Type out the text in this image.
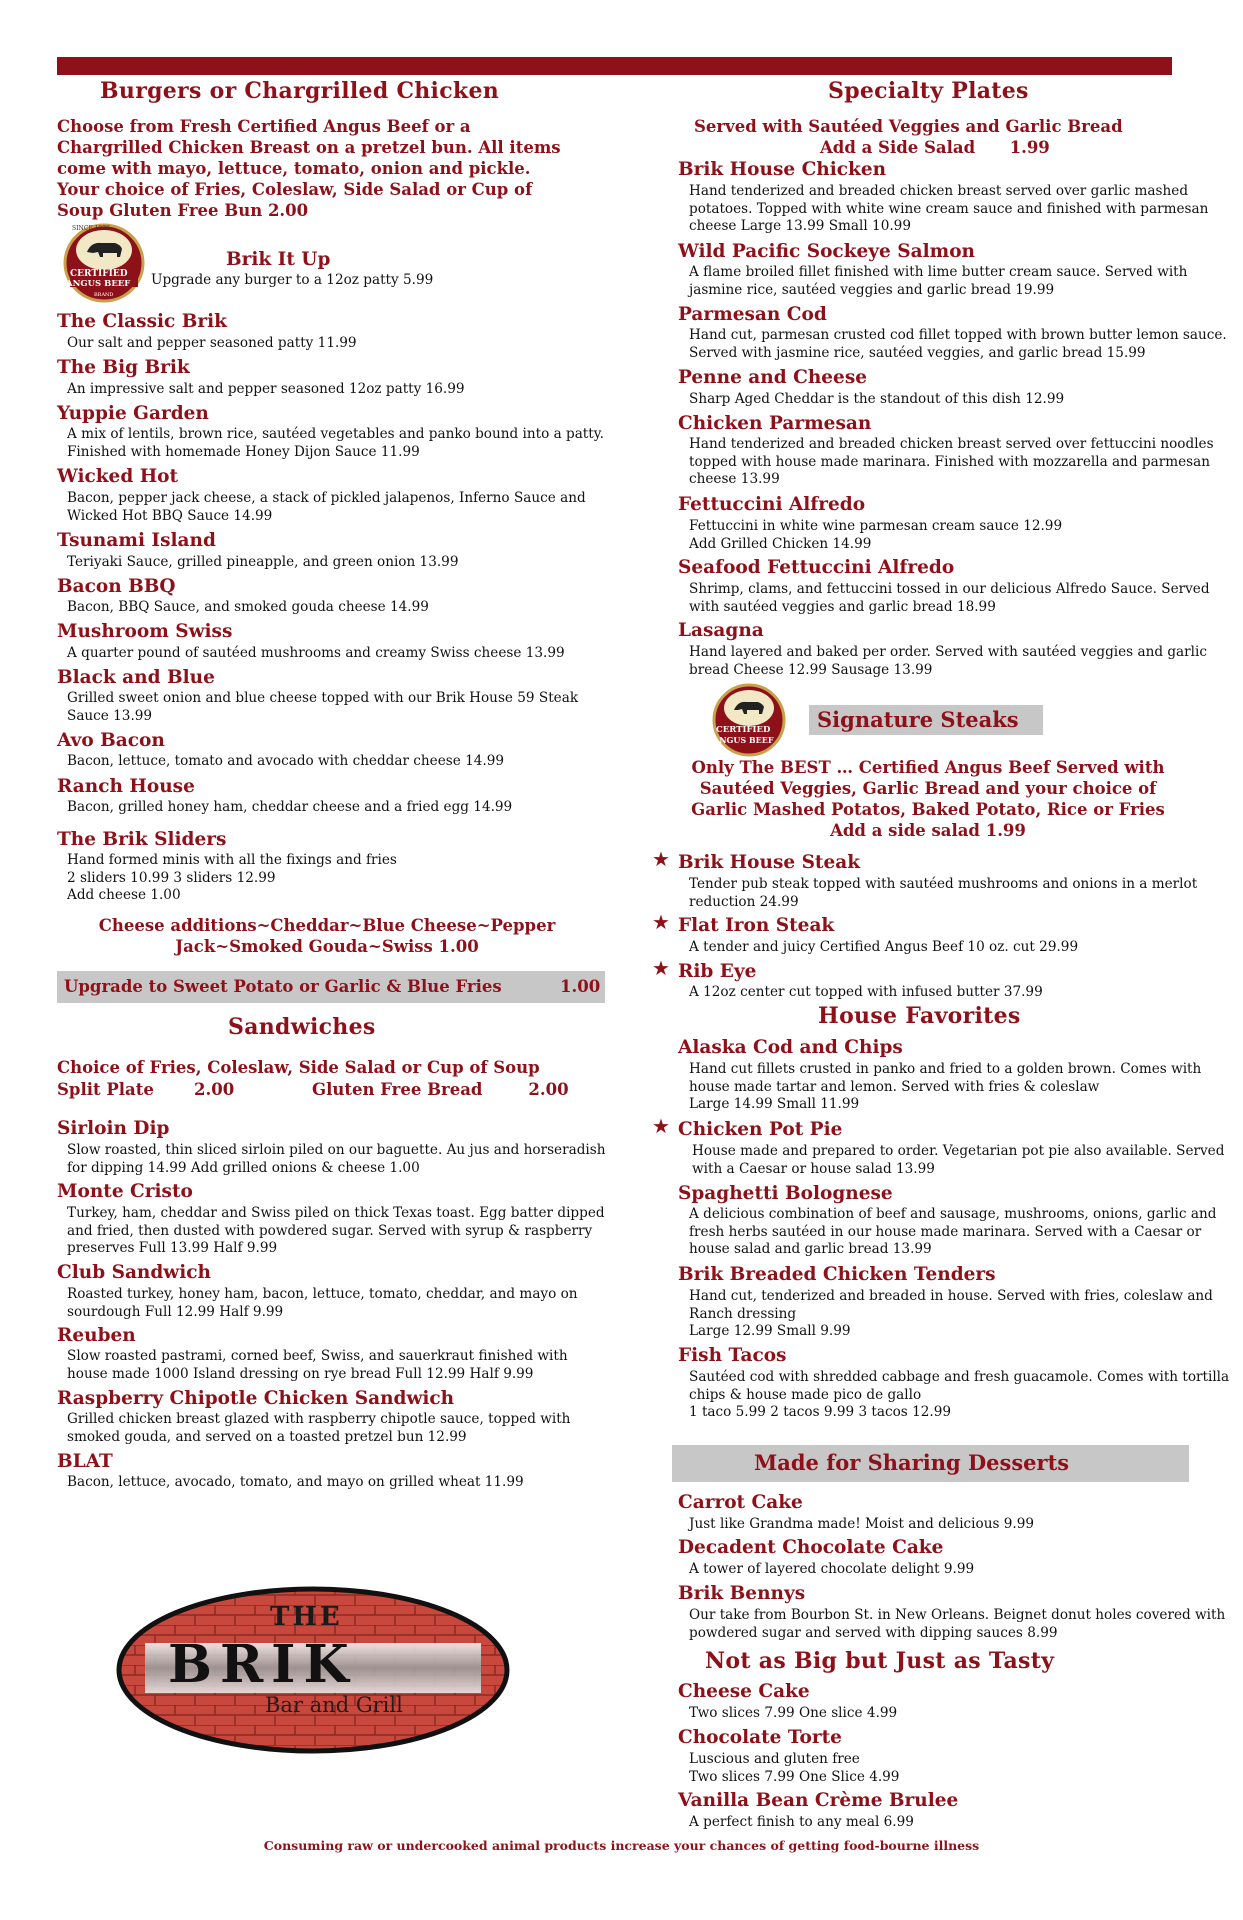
Burgers or Chargrilled Chicken
Choose from Fresh Certified Angus Beef or a Chargrilled Chicken Breast on a pretzel bun. All items come with mayo, lettuce, tomato, onion and pickle. Your choice of Fries, Coleslaw, Side Salad or Cup of Soup Gluten Free Bun 2.00
SINCE 1978
CERTIFIED
ANGUS BEEF
BRAND
Brik It Up
Upgrade any burger to a 12oz patty 5.99
The Classic Brik
Our salt and pepper seasoned patty 11.99
The Big Brik
An impressive salt and pepper seasoned 12oz patty 16.99
Yuppie Garden
A mix of lentils, brown rice, sautéed vegetables and panko bound into a patty. Finished with homemade Honey Dijon Sauce 11.99
Wicked Hot
Bacon, pepper jack cheese, a stack of pickled jalapenos, Inferno Sauce and Wicked Hot BBQ Sauce 14.99
Tsunami Island
Teriyaki Sauce, grilled pineapple, and green onion 13.99
Bacon BBQ
Bacon, BBQ Sauce, and smoked gouda cheese 14.99
Mushroom Swiss
A quarter pound of sautéed mushrooms and creamy Swiss cheese 13.99
Black and Blue
Grilled sweet onion and blue cheese topped with our Brik House 59 Steak Sauce 13.99
Avo Bacon
Bacon, lettuce, tomato and avocado with cheddar cheese 14.99
Ranch House
Bacon, grilled honey ham, cheddar cheese and a fried egg 14.99
The Brik Sliders
Hand formed minis with all the fixings and fries
2 sliders 10.99 3 sliders 12.99
Add cheese 1.00
Cheese additions~Cheddar~Blue Cheese~Pepper Jack~Smoked Gouda~Swiss 1.00
Upgrade to Sweet Potato or Garlic & Blue Fries	1.00
Sandwiches
Choice of Fries, Coleslaw, Side Salad or Cup of Soup
Split Plate       2.00	Gluten Free Bread        2.00
Sirloin Dip
Slow roasted, thin sliced sirloin piled on our baguette. Au jus and horseradish for dipping 14.99 Add grilled onions & cheese 1.00
Monte Cristo
Turkey, ham, cheddar and Swiss piled on thick Texas toast. Egg batter dipped and fried, then dusted with powdered sugar. Served with syrup & raspberry preserves Full 13.99 Half 9.99
Club Sandwich
Roasted turkey, honey ham, bacon, lettuce, tomato, cheddar, and mayo on sourdough Full 12.99 Half 9.99
Reuben
Slow roasted pastrami, corned beef, Swiss, and sauerkraut finished with house made 1000 Island dressing on rye bread Full 12.99 Half 9.99
Raspberry Chipotle Chicken Sandwich
Grilled chicken breast glazed with raspberry chipotle sauce, topped with smoked gouda, and served on a toasted pretzel bun 12.99
BLAT
Bacon, lettuce, avocado, tomato, and mayo on grilled wheat 11.99
THE
BRIK
Bar and Grill
Specialty Plates
Served with Sautéed Veggies and Garlic Bread
Add a Side Salad      1.99
Brik House Chicken
Hand tenderized and breaded chicken breast served over garlic mashed potatoes. Topped with white wine cream sauce and finished with parmesan cheese Large 13.99 Small 10.99
Wild Pacific Sockeye Salmon
A flame broiled fillet finished with lime butter cream sauce. Served with jasmine rice, sautéed veggies and garlic bread 19.99
Parmesan Cod
Hand cut, parmesan crusted cod fillet topped with brown butter lemon sauce. Served with jasmine rice, sautéed veggies, and garlic bread 15.99
Penne and Cheese
Sharp Aged Cheddar is the standout of this dish 12.99
Chicken Parmesan
Hand tenderized and breaded chicken breast served over fettuccini noodles topped with house made marinara. Finished with mozzarella and parmesan cheese 13.99
Fettuccini Alfredo
Fettuccini in white wine parmesan cream sauce 12.99
Add Grilled Chicken 14.99
Seafood Fettuccini Alfredo
Shrimp, clams, and fettuccini tossed in our delicious Alfredo Sauce. Served with sautéed veggies and garlic bread 18.99
Lasagna
Hand layered and baked per order. Served with sautéed veggies and garlic bread Cheese 12.99 Sausage 13.99
CERTIFIED
ANGUS BEEF
Signature Steaks
Only The BEST … Certified Angus Beef Served with Sautéed Veggies, Garlic Bread and your choice of Garlic Mashed Potatos, Baked Potato, Rice or Fries Add a side salad 1.99
★ Brik House Steak
Tender pub steak topped with sautéed mushrooms and onions in a merlot reduction 24.99
★ Flat Iron Steak
A tender and juicy Certified Angus Beef 10 oz. cut 29.99
★ Rib Eye
A 12oz center cut topped with infused butter 37.99
House Favorites
Alaska Cod and Chips
Hand cut fillets crusted in panko and fried to a golden brown. Comes with house made tartar and lemon. Served with fries & coleslaw
Large 14.99 Small 11.99
★ Chicken Pot Pie
House made and prepared to order. Vegetarian pot pie also available. Served with a Caesar or house salad 13.99
Spaghetti Bolognese
A delicious combination of beef and sausage, mushrooms, onions, garlic and fresh herbs sautéed in our house made marinara. Served with a Caesar or house salad and garlic bread 13.99
Brik Breaded Chicken Tenders
Hand cut, tenderized and breaded in house. Served with fries, coleslaw and Ranch dressing
Large 12.99 Small 9.99
Fish Tacos
Sautéed cod with shredded cabbage and fresh guacamole. Comes with tortilla chips & house made pico de gallo
1 taco 5.99 2 tacos 9.99 3 tacos 12.99
Made for Sharing Desserts
Carrot Cake
Just like Grandma made! Moist and delicious 9.99
Decadent Chocolate Cake
A tower of layered chocolate delight 9.99
Brik Bennys
Our take from Bourbon St. in New Orleans. Beignet donut holes covered with powdered sugar and served with dipping sauces 8.99
Not as Big but Just as Tasty
Cheese Cake
Two slices 7.99 One slice 4.99
Chocolate Torte
Luscious and gluten free
Two slices 7.99 One Slice 4.99
Vanilla Bean Crème Brulee
A perfect finish to any meal 6.99
Consuming raw or undercooked animal products increase your chances of getting food-bourne illness
